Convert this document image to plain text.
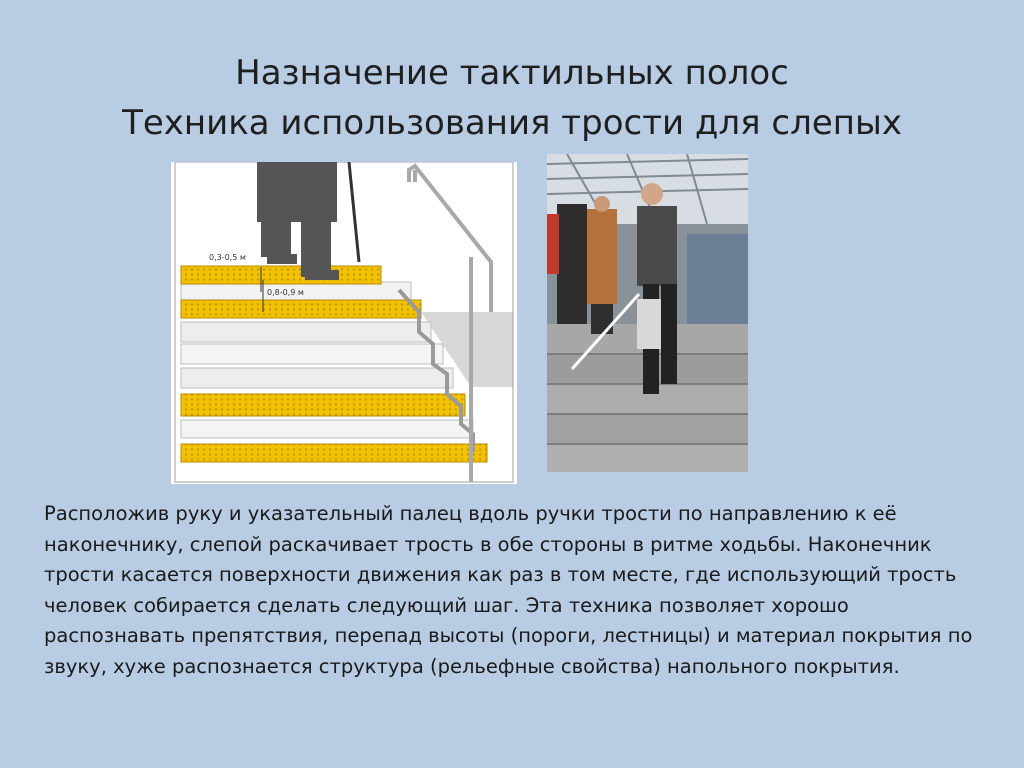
Назначение тактильных полос
Техника использования трости для слепых
0,3-0,5 м
0,8-0,9 м

Расположив руку и указательный палец вдоль ручки трости по направлению к её наконечнику, слепой раскачивает трость в обе стороны в ритме ходьбы. Наконечник трости касается поверхности движения как раз в том месте, где использующий трость человек собирается сделать следующий шаг. Эта техника позволяет хорошо распознавать препятствия, перепад высоты (пороги, лестницы) и материал покрытия по звуку, хуже распознается структура (рельефные свойства) напольного покрытия.
